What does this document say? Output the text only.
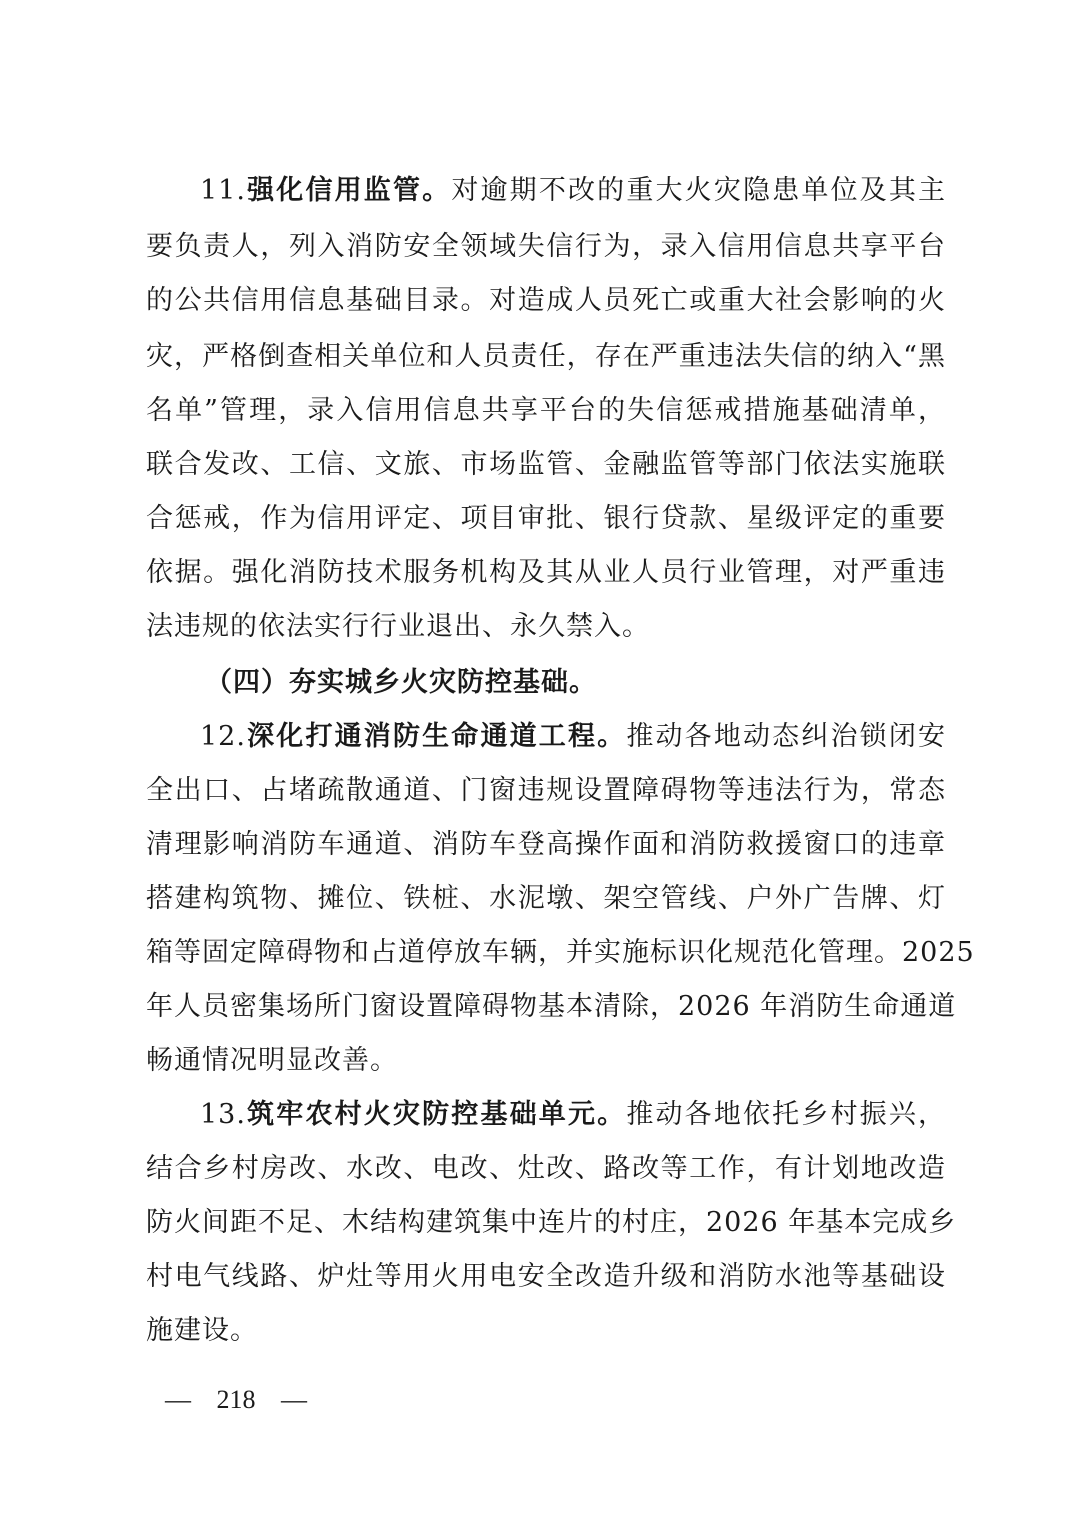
11.强化信用监管。对逾期不改的重大火灾隐患单位及其主
要负责人，列入消防安全领域失信行为，录入信用信息共享平台
的公共信用信息基础目录。对造成人员死亡或重大社会影响的火
灾，严格倒查相关单位和人员责任，存在严重违法失信的纳入“黑
名单”管理，录入信用信息共享平台的失信惩戒措施基础清单，
联合发改、工信、文旅、市场监管、金融监管等部门依法实施联
合惩戒，作为信用评定、项目审批、银行贷款、星级评定的重要
依据。强化消防技术服务机构及其从业人员行业管理，对严重违
法违规的依法实行行业退出、永久禁入。
（四）夯实城乡火灾防控基础。
12.深化打通消防生命通道工程。推动各地动态纠治锁闭安
全出口、占堵疏散通道、门窗违规设置障碍物等违法行为，常态
清理影响消防车通道、消防车登高操作面和消防救援窗口的违章
搭建构筑物、摊位、铁桩、水泥墩、架空管线、户外广告牌、灯
箱等固定障碍物和占道停放车辆，并实施标识化规范化管理。2025
年人员密集场所门窗设置障碍物基本清除，2026 年消防生命通道
畅通情况明显改善。
13.筑牢农村火灾防控基础单元。推动各地依托乡村振兴，
结合乡村房改、水改、电改、灶改、路改等工作，有计划地改造
防火间距不足、木结构建筑集中连片的村庄，2026 年基本完成乡
村电气线路、炉灶等用火用电安全改造升级和消防水池等基础设
施建设。
— 218 —
